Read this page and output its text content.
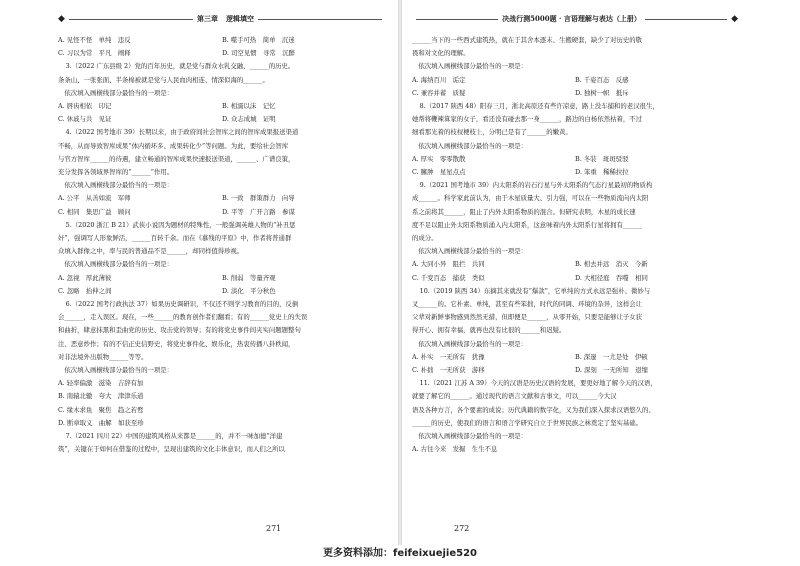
◆	第三章 逻辑填空
A. 见怪不怪　单纯　违反	B. 噬手可热　简单　沉迷
C. 习以为常　平凡　阐释	D. 司空见惯　寻常　沉醉

3.（2022 广东县级 2）党的百年历史，就是党与群众水乳交融、______的历史。

条条山、一张张面、半条棉被就是党与人民血肉相连、情深似海的______。

　依次填入画横线部分最恰当的一项是：

A. 唇齿相依　印记	B. 相濡以沫　记忆
C. 休戚与共　见证	D. 众志成城　证明

4.（2022 国考地市 39）长期以来，由于政府间社会智库之间的智库成果报送渠道

不畅，从而导致智库成果“体内循环多、成果转化少”等问题。为此，要给社会智库

与官方智库______的待遇，建立畅通的智库成果快速报送渠道，______、广谱良策，

充分发挥各领域界智库的“______”作用。

　依次填入画横线部分最恰当的一项是：

A. 公平　从善如流　军师	B. 一致　群策群力　向导
C. 相同　集思广益　顾问	D. 平等　广开言路　参谋

5.（2020 浙江 B 21）武侠小说因为题材的特殊性，一般强调英雄人物的“补丑惩

奸”，强调写人形象鲜活，______百转千余。而在《慕残的平原》中，作者将普通群

众填入群像之中，率与民的普通品不是______，却同样值得珍视。

　依次填入画横线部分最恰当的一项是：

A. 忽视　厚此薄彼	B. 削弱　等量齐观
C. 忽略　抬伸之间	D. 淡化　平分秋色

6.（2022 国考行政执法 37）如果历史调研识，不仅还不则学习教育的目的，反倒

会______，走入误区。现在，一些______的教育创作者们翻看；有的______党史上的失误

和曲折，肆意抹黑和歪曲党的历史、攻击党的领导；有的将党史事件间夹实问题题整句

注、恶意炒作；有的不信正史信野史，将党史事件化、娱乐化，热衷传播八卦秩闻，

对非法境外出版物______等等。

　依次填入画横线部分最恰当的一项是：

A. 轻率偏激　滋染　吉辞有加
B. 南辕北辙　夸大　津津乐道
C. 缘木求鱼　聚焦　趋之若鹜
D. 断章取义　曲解　如获至珍

7.（2021 四川 22）中国的建筑风格从来都是______的，并不一味加德“洋建

筑”，关键在于如何在借鉴的过程中，呈现出建筑的文化丰体意识，而人们之所以

271
决战行测5000题 · 言语理解与表达（上册）	◆

______当下的一些西式建筑热，就在于其舍本逐末、生搬硬套，缺少了对历史的敬

畏和对文化的理解。

　依次填入画横线部分最恰当的一项是：

A. 海纳百川　诟定	B. 千姿百态　反感
C. 兼容并蓄　质疑	D. 独树一帜　抵斥

8.（2017 陕西 48）阳春三月，浙北高原还有些许凉意，路上没车捕和的老汉很生，

她帮将鞭辣算家的女子，看还没有碰去那一身______，路边的白杨依然枯着，不过

细看那光着的枝杈梗枝上，分明已是有了______的嫩黄。

　依次填入画横线部分最恰当的一项是：

A. 厚实　零零散散	B. 冬装　斑斑驳驳
C. 臃肿　星星点点	D. 笨重　稀稀拉拉

9.（2021 国考地市 39）内太阳系的岩石行星与外太阳系的气态行星最初的物质构

成______。科学家此前认为，由于木星质量大、引力强，可以在一些物质流向内太阳

系之前将其______，阻止了内外太阳系物质的混合。但研究表明，木星的成长速

度不足以阻止外太阳系物质涌入内太阳系，这意味着内外太阳系行星将拥有______

的成分。

　依次填入画横线部分最恰当的一项是：

A. 大同小异　阻拦　共同	B. 相去并远　消灭　今新
C. 千变百态　捕获　类似	D. 大相径庭　吞噬　相同

10.（2019 陕西 34）东摘其来就没有“爆款”，它单纯的方式永远是强朴、微妙与

叉______的。它朴素、单纯，甚至有些笨拙，时代的同调、环境的杂异，这样会让

父辈对新鲜事物感到然然无措，但即便是______，从零开始，只要是能够让子女获

得开心、拥有幸福，就再也没有比很的______和迟疑。

　依次填入画横线部分最恰当的一项是：

A. 朴实　一无所有　犹豫	B. 深邃　一尤是处　伊顿
C. 朴拙　一无所获　游移	D. 深刻　一无所知　退缩

11.（2021 江苏 A 39）今天的汉语是历史汉语的发展，要更好地了解今天的汉语，

就要了解它的______。通过现代的语言文献和古事文，可以______今大汉

语及各种方言，各个要素的成说；历代典籍的数字化，又为我们深入探求汉语悠久的、

______的历史，使我们的语言和语言学研究自立于世界民族之林奠定了坚实基础。

　依次填入画横线部分最恰当的一项是：

A. 古往今来　发掘　生生不息
272
更多资料添加：feifeixuejie520
